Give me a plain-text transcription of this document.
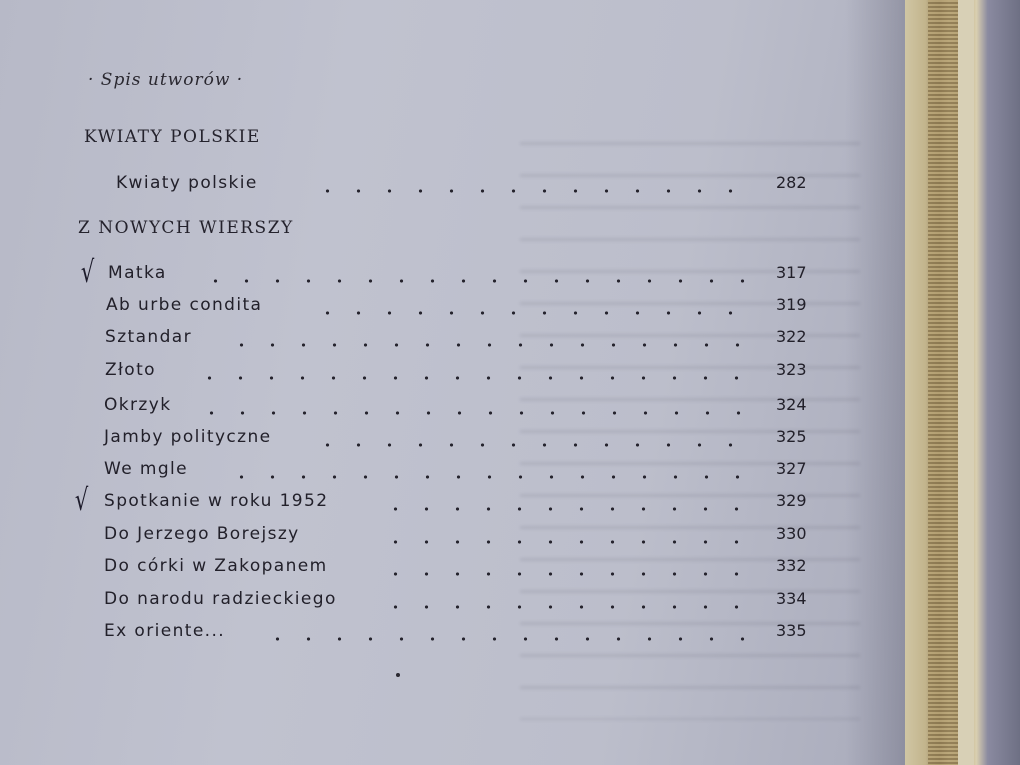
· Spis utworów ·
KWIATY POLSKIE
Kwiaty polskie	282
Z NOWYCH WIERSZY
√ Matka	317
Ab urbe condita	319
Sztandar	322
Złoto	323
Okrzyk	324
Jamby polityczne	325
We mgle	327
√ Spotkanie w roku 1952	329
Do Jerzego Borejszy	330
Do córki w Zakopanem	332
Do narodu radzieckiego	334
Ex oriente...	335
